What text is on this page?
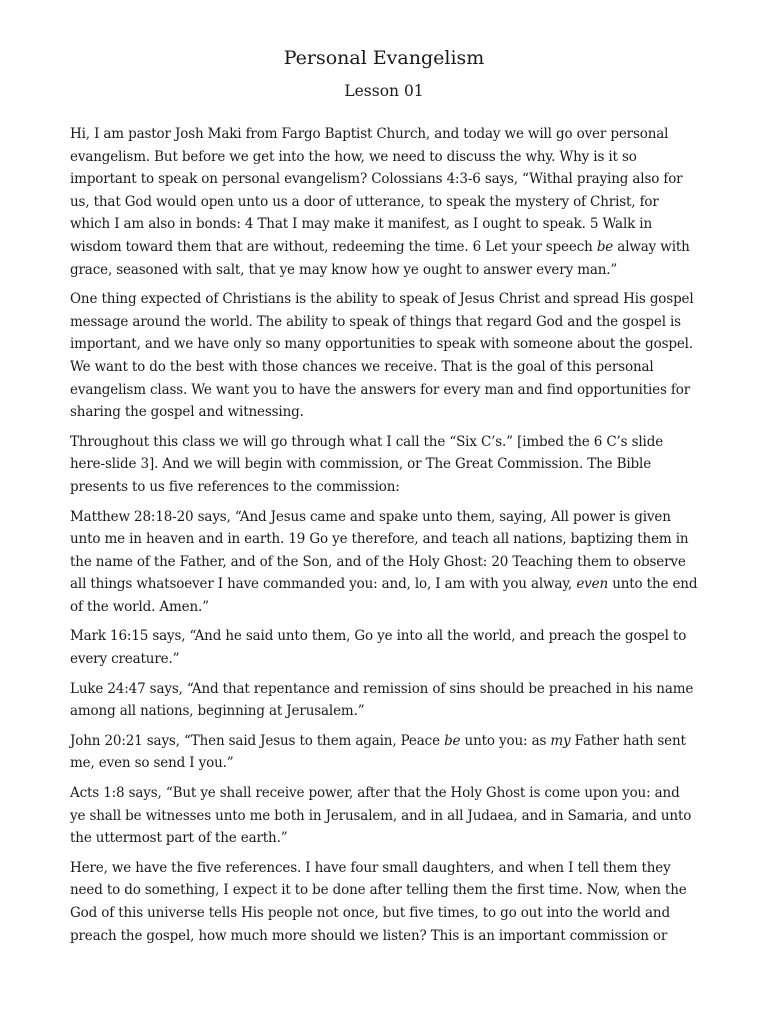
Personal Evangelism
Lesson 01

Hi, I am pastor Josh Maki from Fargo Baptist Church, and today we will go over personal evangelism. But before we get into the how, we need to discuss the why. Why is it so important to speak on personal evangelism? Colossians 4:3-6 says, “Withal praying also for us, that God would open unto us a door of utterance, to speak the mystery of Christ, for which I am also in bonds: 4 That I may make it manifest, as I ought to speak. 5 Walk in wisdom toward them that are without, redeeming the time. 6 Let your speech be alway with grace, seasoned with salt, that ye may know how ye ought to answer every man.”

One thing expected of Christians is the ability to speak of Jesus Christ and spread His gospel message around the world. The ability to speak of things that regard God and the gospel is important, and we have only so many opportunities to speak with someone about the gospel. We want to do the best with those chances we receive. That is the goal of this personal evangelism class. We want you to have the answers for every man and find opportunities for sharing the gospel and witnessing.

Throughout this class we will go through what I call the “Six C’s.” [imbed the 6 C’s slide here-slide 3]. And we will begin with commission, or The Great Commission. The Bible presents to us five references to the commission:

Matthew 28:18-20 says, “And Jesus came and spake unto them, saying, All power is given unto me in heaven and in earth. 19 Go ye therefore, and teach all nations, baptizing them in the name of the Father, and of the Son, and of the Holy Ghost: 20 Teaching them to observe all things whatsoever I have commanded you: and, lo, I am with you alway, even unto the end of the world. Amen.”

Mark 16:15 says, “And he said unto them, Go ye into all the world, and preach the gospel to every creature.”

Luke 24:47 says, “And that repentance and remission of sins should be preached in his name among all nations, beginning at Jerusalem.”

John 20:21 says, “Then said Jesus to them again, Peace be unto you: as my Father hath sent me, even so send I you.”

Acts 1:8 says, “But ye shall receive power, after that the Holy Ghost is come upon you: and ye shall be witnesses unto me both in Jerusalem, and in all Judaea, and in Samaria, and unto the uttermost part of the earth.”

Here, we have the five references. I have four small daughters, and when I tell them they need to do something, I expect it to be done after telling them the first time. Now, when the God of this universe tells His people not once, but five times, to go out into the world and preach the gospel, how much more should we listen? This is an important commission or
